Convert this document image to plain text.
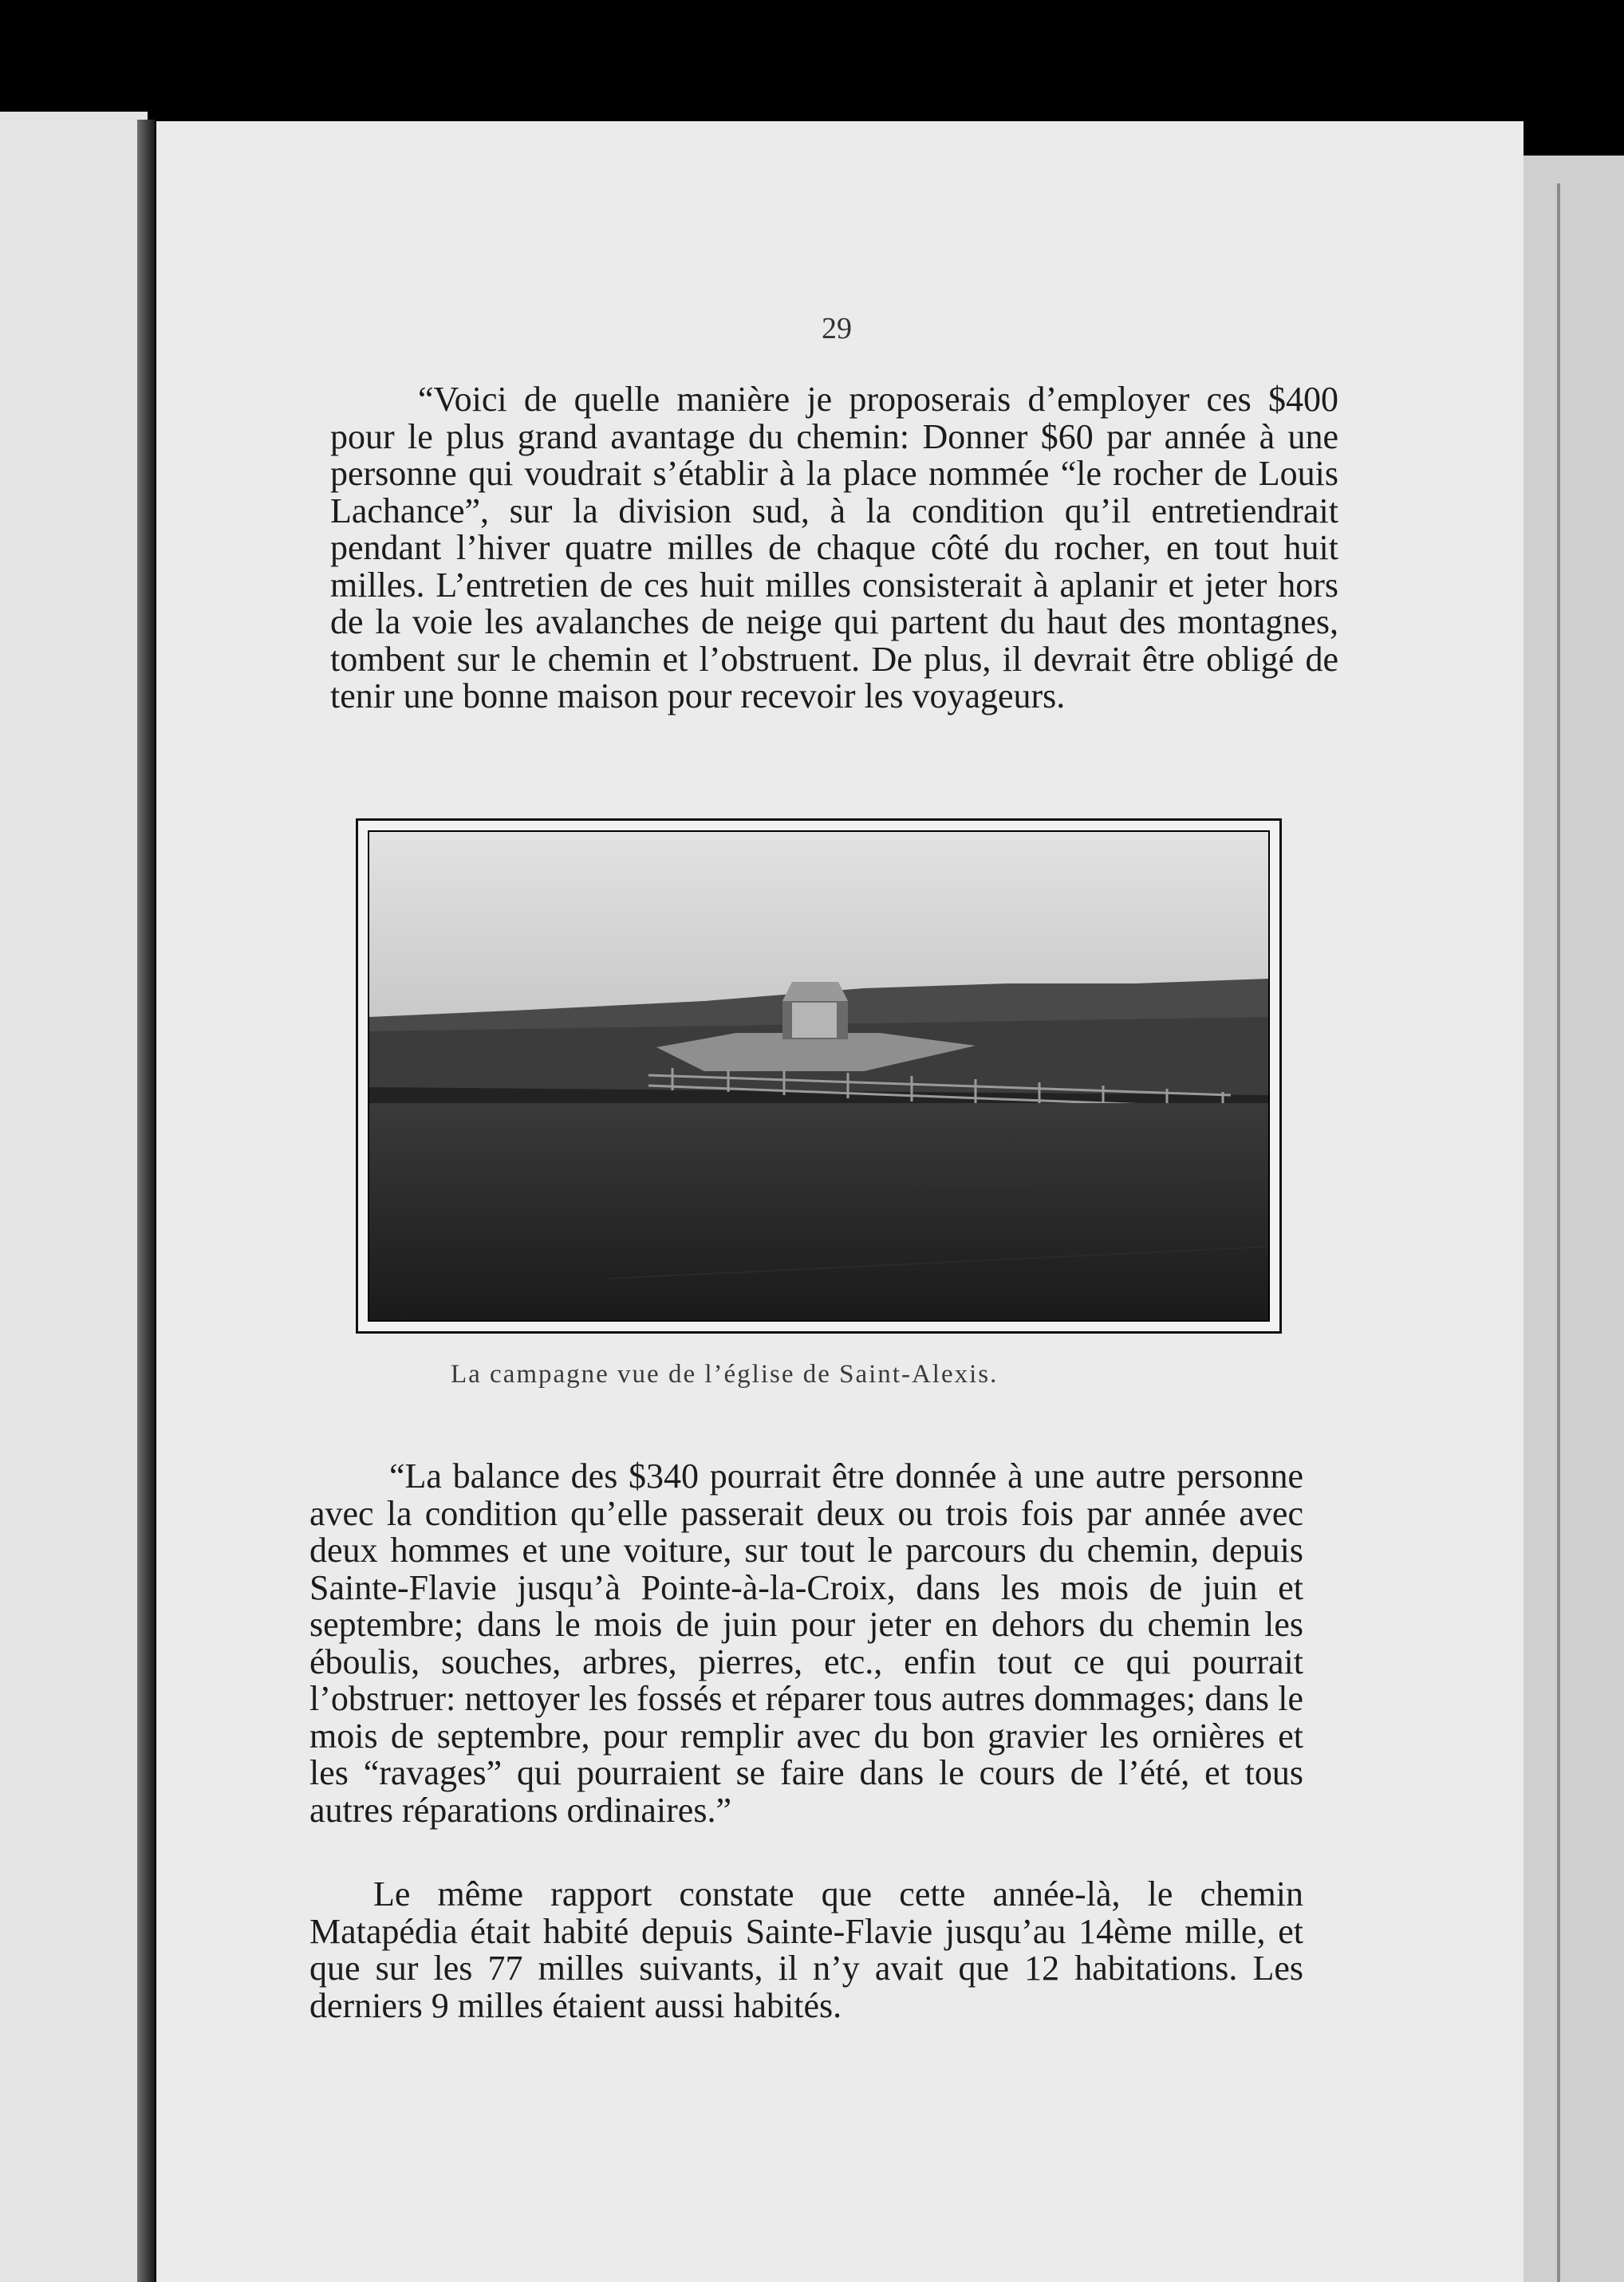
29

“Voici de quelle manière je proposerais d’employer ces $400 pour le plus grand avantage du chemin: Donner $60 par année à une personne qui voudrait s’établir à la place nommée “le rocher de Louis Lachance”, sur la division sud, à la condition qu’il entretiendrait pendant l’hiver quatre milles de chaque côté du rocher, en tout huit milles. L’entretien de ces huit milles consisterait à aplanir et jeter hors de la voie les avalanches de neige qui partent du haut des montagnes, tombent sur le chemin et l’obstruent. De plus, il devrait être obligé de tenir une bonne maison pour recevoir les voyageurs.

La campagne vue de l’église de Saint-Alexis.

“La balance des $340 pourrait être donnée à une autre personne avec la condition qu’elle passerait deux ou trois fois par année avec deux hommes et une voiture, sur tout le parcours du chemin, depuis Sainte-Flavie jusqu’à Pointe-à-la-Croix, dans les mois de juin et septembre; dans le mois de juin pour jeter en dehors du chemin les éboulis, souches, arbres, pierres, etc., enfin tout ce qui pourrait l’obstruer: nettoyer les fossés et réparer tous autres dommages; dans le mois de septembre, pour remplir avec du bon gravier les ornières et les “ravages” qui pourraient se faire dans le cours de l’été, et tous autres réparations ordinaires.”

Le même rapport constate que cette année-là, le chemin Matapédia était habité depuis Sainte-Flavie jusqu’au 14ème mille, et que sur les 77 milles suivants, il n’y avait que 12 habitations. Les derniers 9 milles étaient aussi habités.
